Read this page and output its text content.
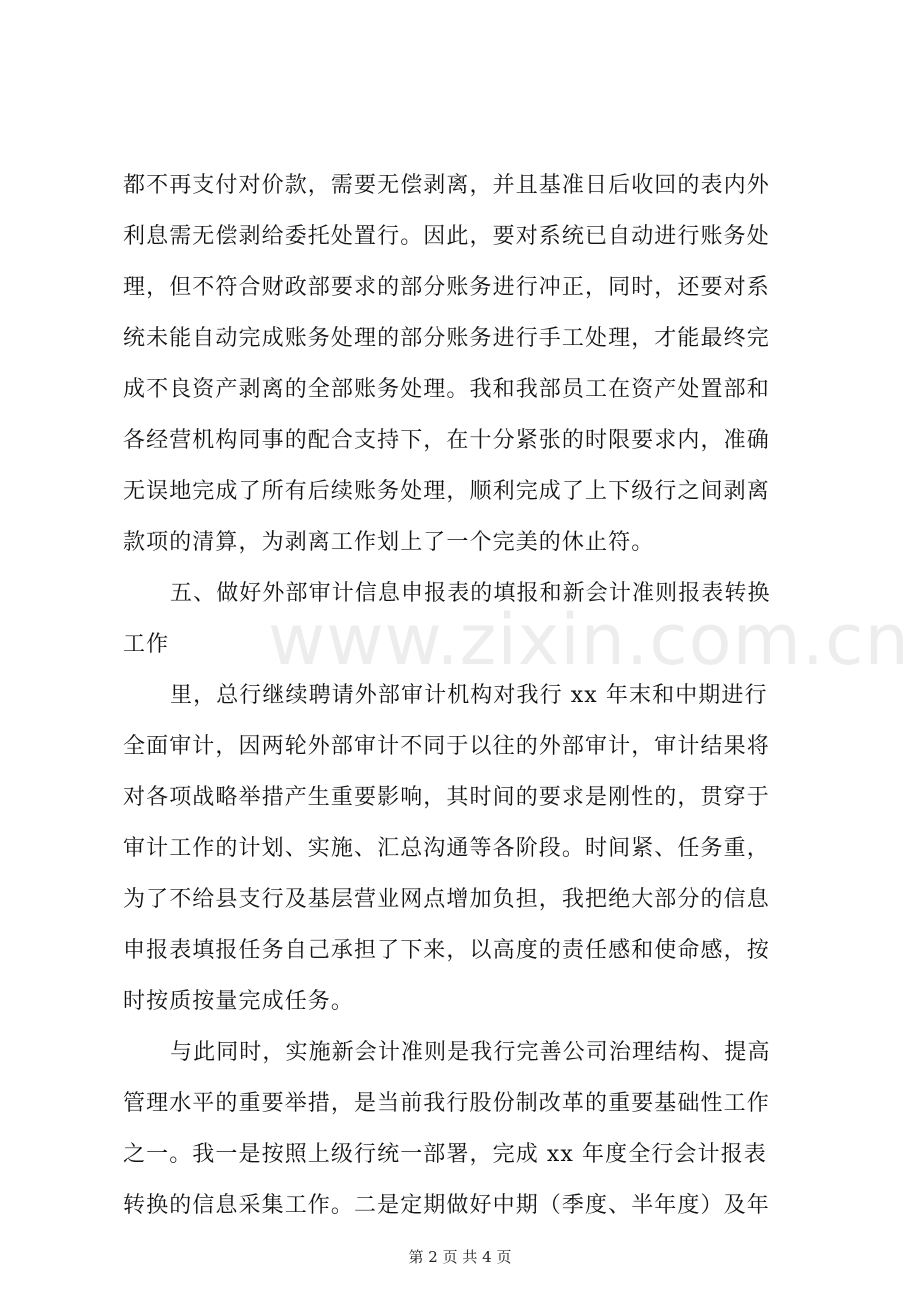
www.zixin.com.cn
都不再支付对价款，需要无偿剥离，并且基准日后收回的表内外
利息需无偿剥给委托处置行。因此，要对系统已自动进行账务处
理，但不符合财政部要求的部分账务进行冲正，同时，还要对系
统未能自动完成账务处理的部分账务进行手工处理，才能最终完
成不良资产剥离的全部账务处理。我和我部员工在资产处置部和
各经营机构同事的配合支持下，在十分紧张的时限要求内，准确
无误地完成了所有后续账务处理，顺利完成了上下级行之间剥离
款项的清算，为剥离工作划上了一个完美的休止符。
五、做好外部审计信息申报表的填报和新会计准则报表转换
工作
里，总行继续聘请外部审计机构对我行 xx 年末和中期进行
全面审计，因两轮外部审计不同于以往的外部审计，审计结果将
对各项战略举措产生重要影响，其时间的要求是刚性的，贯穿于
审计工作的计划、实施、汇总沟通等各阶段。时间紧、任务重，
为了不给县支行及基层营业网点增加负担，我把绝大部分的信息
申报表填报任务自己承担了下来，以高度的责任感和使命感，按
时按质按量完成任务。
与此同时，实施新会计准则是我行完善公司治理结构、提高
管理水平的重要举措，是当前我行股份制改革的重要基础性工作
之一。我一是按照上级行统一部署，完成 xx 年度全行会计报表
转换的信息采集工作。二是定期做好中期（季度、半年度）及年
第 2 页 共 4 页
